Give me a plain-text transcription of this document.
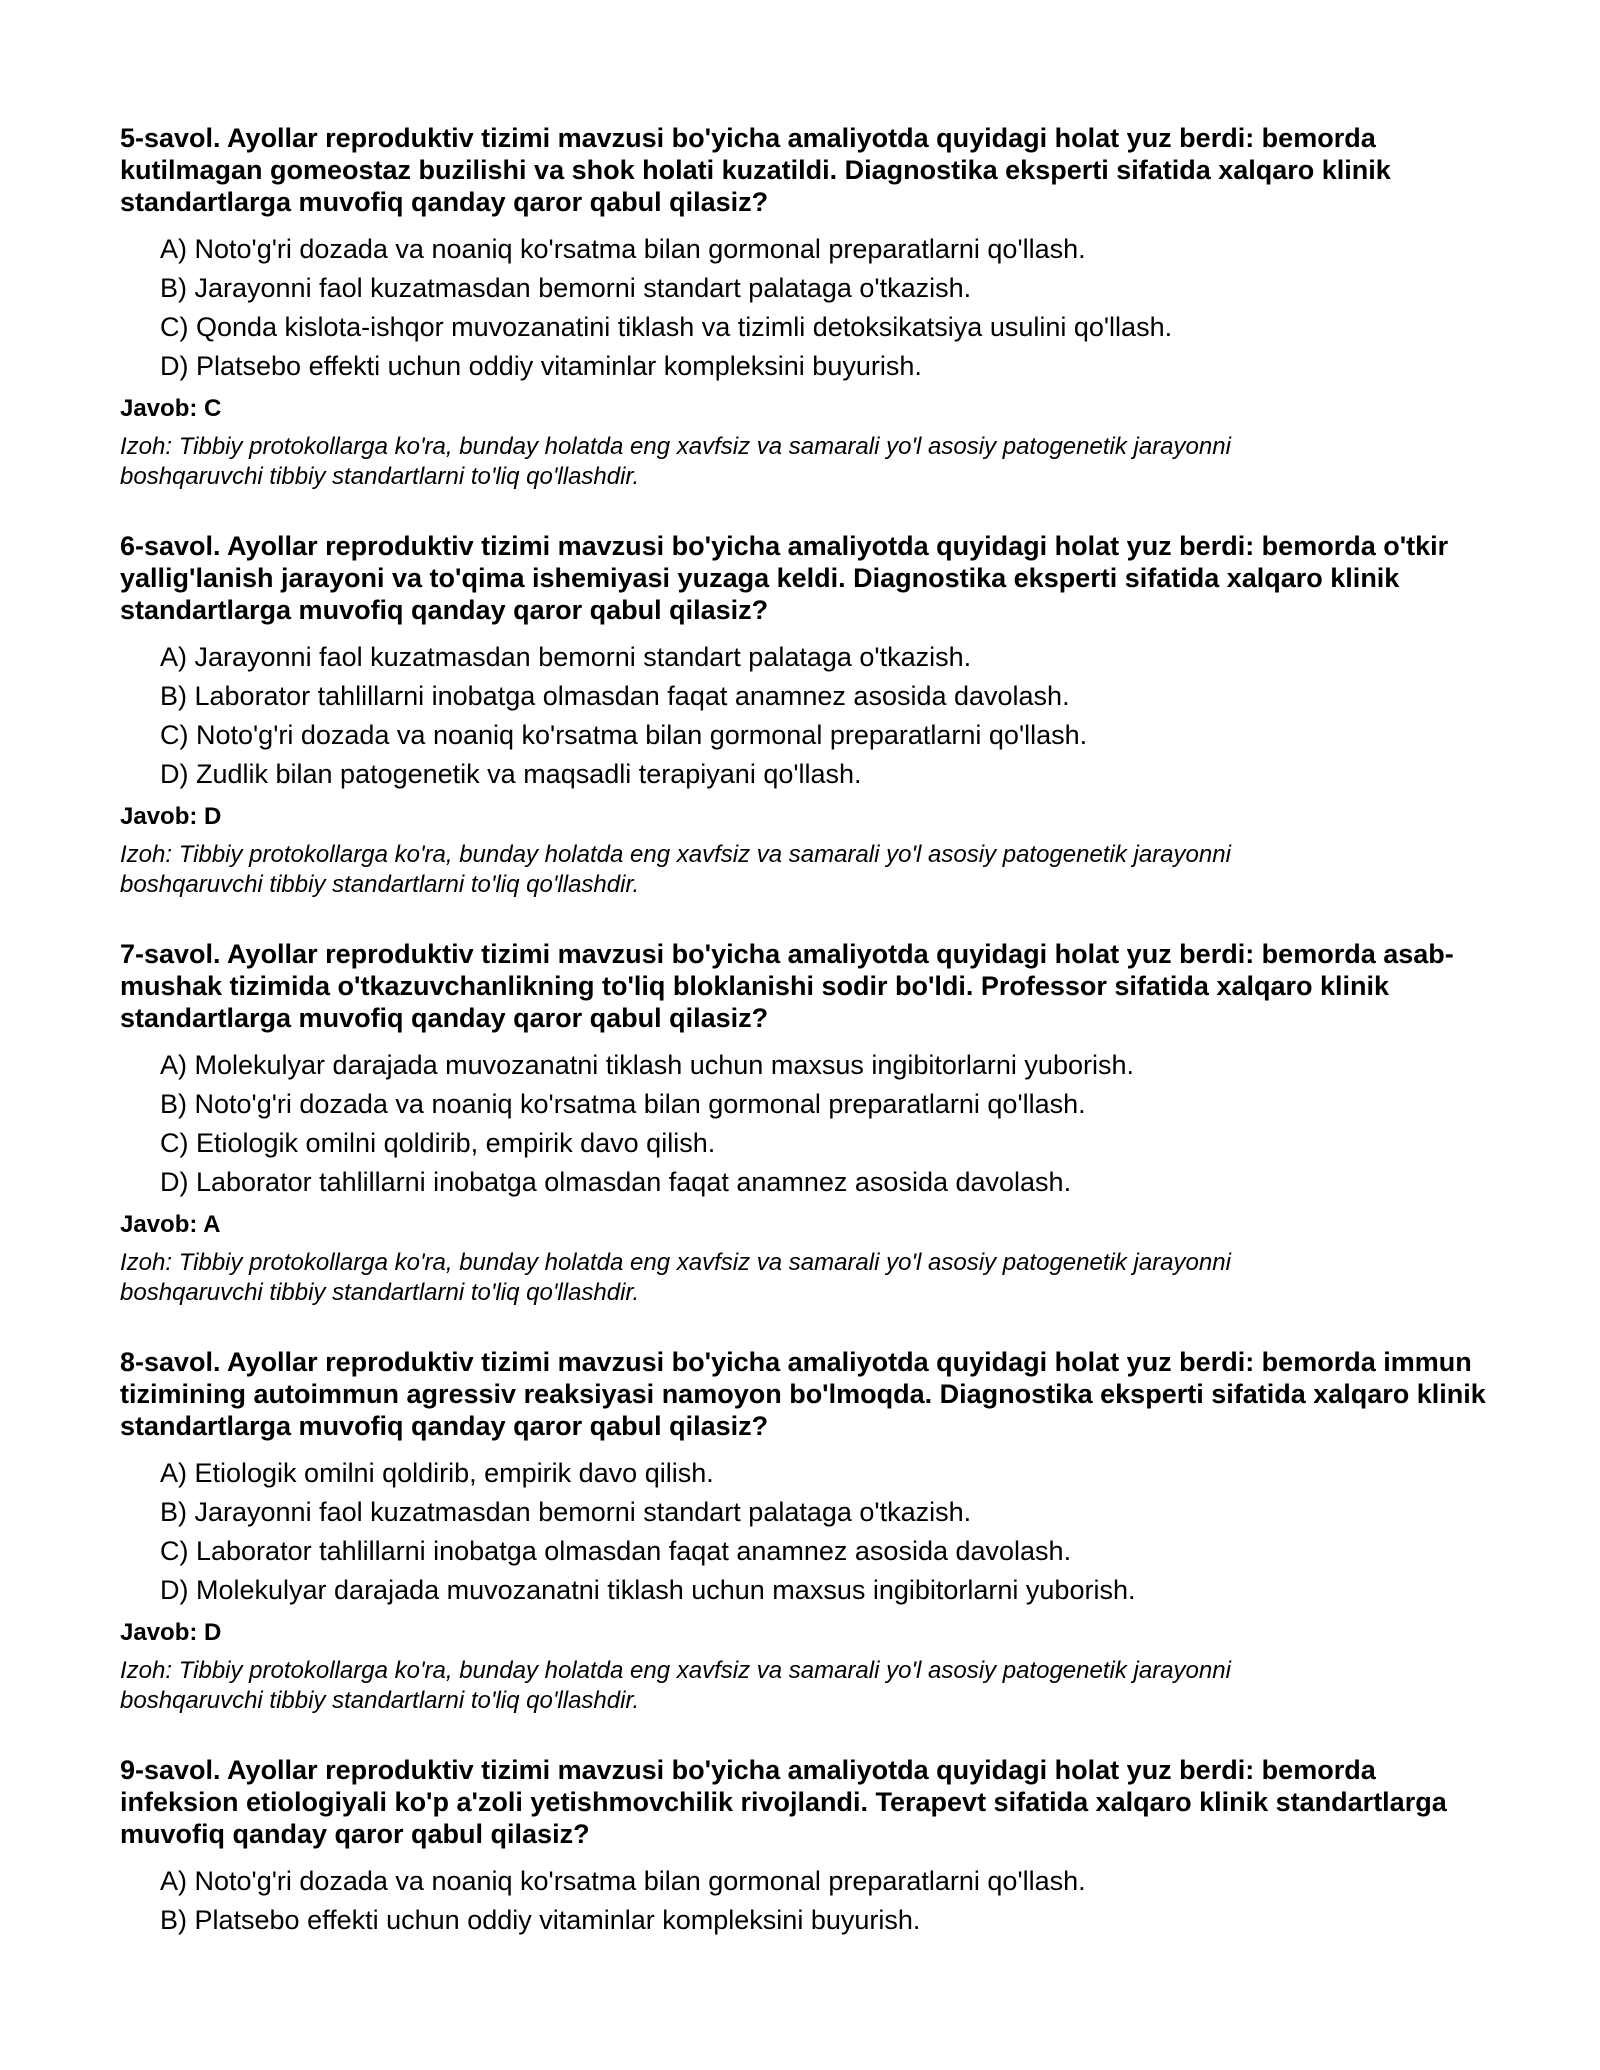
5-savol. Ayollar reproduktiv tizimi mavzusi bo'yicha amaliyotda quyidagi holat yuz berdi: bemorda kutilmagan gomeostaz buzilishi va shok holati kuzatildi. Diagnostika eksperti sifatida xalqaro klinik standartlarga muvofiq qanday qaror qabul qilasiz?

A) Noto'g'ri dozada va noaniq ko'rsatma bilan gormonal preparatlarni qo'llash.
B) Jarayonni faol kuzatmasdan bemorni standart palataga o'tkazish.
C) Qonda kislota-ishqor muvozanatini tiklash va tizimli detoksikatsiya usulini qo'llash.
D) Platsebo effekti uchun oddiy vitaminlar kompleksini buyurish.

Javob: C

Izoh: Tibbiy protokollarga ko'ra, bunday holatda eng xavfsiz va samarali yo'l asosiy patogenetik jarayonni boshqaruvchi tibbiy standartlarni to'liq qo'llashdir.

6-savol. Ayollar reproduktiv tizimi mavzusi bo'yicha amaliyotda quyidagi holat yuz berdi: bemorda o'tkir yallig'lanish jarayoni va to'qima ishemiyasi yuzaga keldi. Diagnostika eksperti sifatida xalqaro klinik standartlarga muvofiq qanday qaror qabul qilasiz?

A) Jarayonni faol kuzatmasdan bemorni standart palataga o'tkazish.
B) Laborator tahlillarni inobatga olmasdan faqat anamnez asosida davolash.
C) Noto'g'ri dozada va noaniq ko'rsatma bilan gormonal preparatlarni qo'llash.
D) Zudlik bilan patogenetik va maqsadli terapiyani qo'llash.

Javob: D

Izoh: Tibbiy protokollarga ko'ra, bunday holatda eng xavfsiz va samarali yo'l asosiy patogenetik jarayonni boshqaruvchi tibbiy standartlarni to'liq qo'llashdir.

7-savol. Ayollar reproduktiv tizimi mavzusi bo'yicha amaliyotda quyidagi holat yuz berdi: bemorda asab-mushak tizimida o'tkazuvchanlikning to'liq bloklanishi sodir bo'ldi. Professor sifatida xalqaro klinik standartlarga muvofiq qanday qaror qabul qilasiz?

A) Molekulyar darajada muvozanatni tiklash uchun maxsus ingibitorlarni yuborish.
B) Noto'g'ri dozada va noaniq ko'rsatma bilan gormonal preparatlarni qo'llash.
C) Etiologik omilni qoldirib, empirik davo qilish.
D) Laborator tahlillarni inobatga olmasdan faqat anamnez asosida davolash.

Javob: A

Izoh: Tibbiy protokollarga ko'ra, bunday holatda eng xavfsiz va samarali yo'l asosiy patogenetik jarayonni boshqaruvchi tibbiy standartlarni to'liq qo'llashdir.

8-savol. Ayollar reproduktiv tizimi mavzusi bo'yicha amaliyotda quyidagi holat yuz berdi: bemorda immun tizimining autoimmun agressiv reaksiyasi namoyon bo'lmoqda. Diagnostika eksperti sifatida xalqaro klinik standartlarga muvofiq qanday qaror qabul qilasiz?

A) Etiologik omilni qoldirib, empirik davo qilish.
B) Jarayonni faol kuzatmasdan bemorni standart palataga o'tkazish.
C) Laborator tahlillarni inobatga olmasdan faqat anamnez asosida davolash.
D) Molekulyar darajada muvozanatni tiklash uchun maxsus ingibitorlarni yuborish.

Javob: D

Izoh: Tibbiy protokollarga ko'ra, bunday holatda eng xavfsiz va samarali yo'l asosiy patogenetik jarayonni boshqaruvchi tibbiy standartlarni to'liq qo'llashdir.

9-savol. Ayollar reproduktiv tizimi mavzusi bo'yicha amaliyotda quyidagi holat yuz berdi: bemorda infeksion etiologiyali ko'p a'zoli yetishmovchilik rivojlandi. Terapevt sifatida xalqaro klinik standartlarga muvofiq qanday qaror qabul qilasiz?

A) Noto'g'ri dozada va noaniq ko'rsatma bilan gormonal preparatlarni qo'llash.
B) Platsebo effekti uchun oddiy vitaminlar kompleksini buyurish.
